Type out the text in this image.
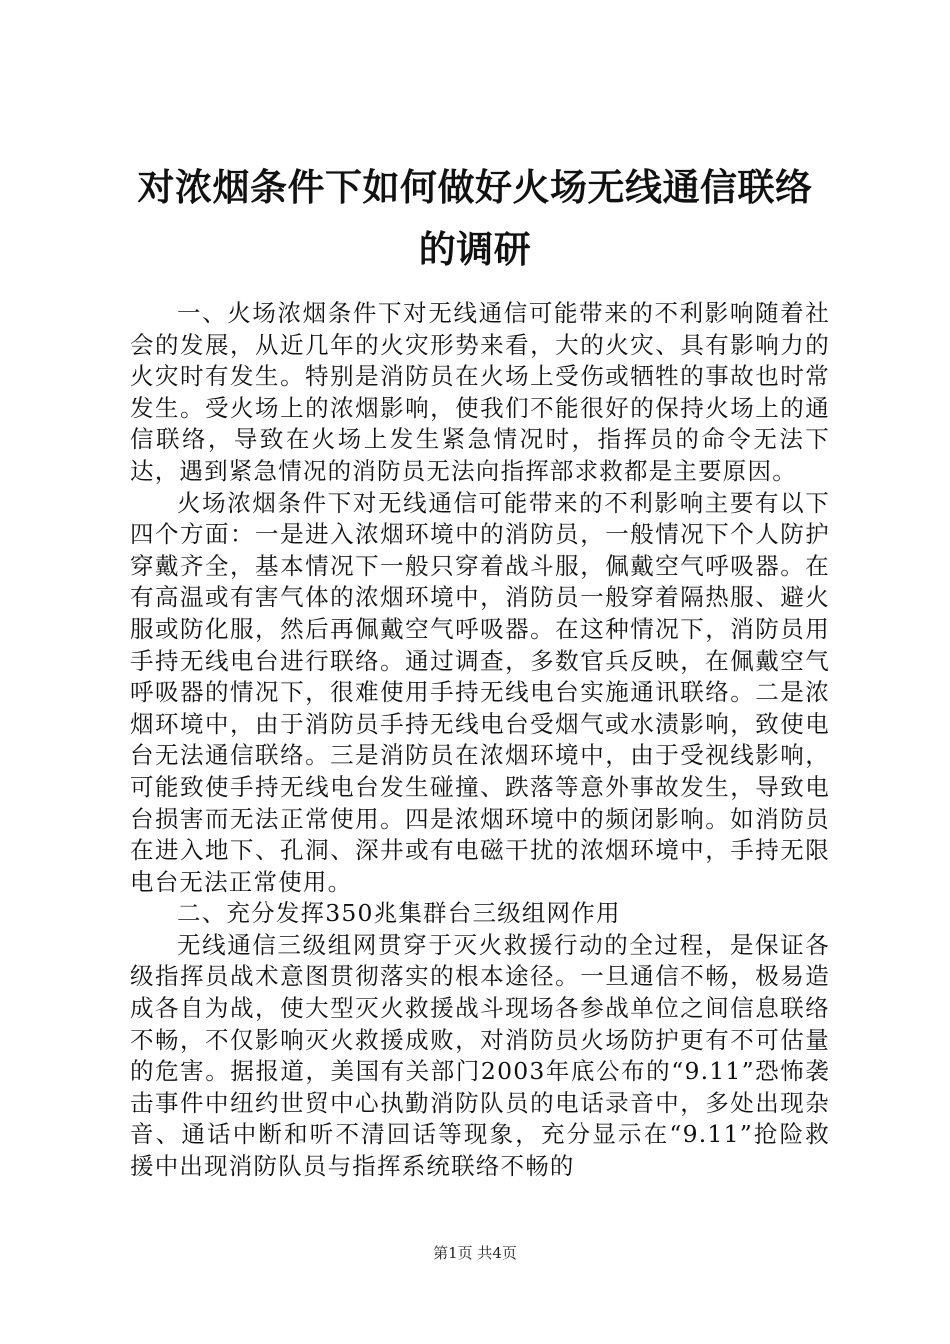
对浓烟条件下如何做好火场无线通信联络的调研

一、火场浓烟条件下对无线通信可能带来的不利影响随着社会的发展，从近几年的火灾形势来看，大的火灾、具有影响力的火灾时有发生。特别是消防员在火场上受伤或牺牲的事故也时常发生。受火场上的浓烟影响，使我们不能很好的保持火场上的通信联络，导致在火场上发生紧急情况时，指挥员的命令无法下达，遇到紧急情况的消防员无法向指挥部求救都是主要原因。

火场浓烟条件下对无线通信可能带来的不利影响主要有以下四个方面：一是进入浓烟环境中的消防员，一般情况下个人防护穿戴齐全，基本情况下一般只穿着战斗服，佩戴空气呼吸器。在有高温或有害气体的浓烟环境中，消防员一般穿着隔热服、避火服或防化服，然后再佩戴空气呼吸器。在这种情况下，消防员用手持无线电台进行联络。通过调查，多数官兵反映，在佩戴空气呼吸器的情况下，很难使用手持无线电台实施通讯联络。二是浓烟环境中，由于消防员手持无线电台受烟气或水渍影响，致使电台无法通信联络。三是消防员在浓烟环境中，由于受视线影响，可能致使手持无线电台发生碰撞、跌落等意外事故发生，导致电台损害而无法正常使用。四是浓烟环境中的频闭影响。如消防员在进入地下、孔洞、深井或有电磁干扰的浓烟环境中，手持无限电台无法正常使用。

二、充分发挥350兆集群台三级组网作用

无线通信三级组网贯穿于灭火救援行动的全过程，是保证各级指挥员战术意图贯彻落实的根本途径。一旦通信不畅，极易造成各自为战，使大型灭火救援战斗现场各参战单位之间信息联络不畅，不仅影响灭火救援成败，对消防员火场防护更有不可估量的危害。据报道，美国有关部门2003年底公布的“9.11”恐怖袭击事件中纽约世贸中心执勤消防队员的电话录音中，多处出现杂音、通话中断和听不清回话等现象，充分显示在“9.11”抢险救援中出现消防队员与指挥系统联络不畅的

第1页 共4页
